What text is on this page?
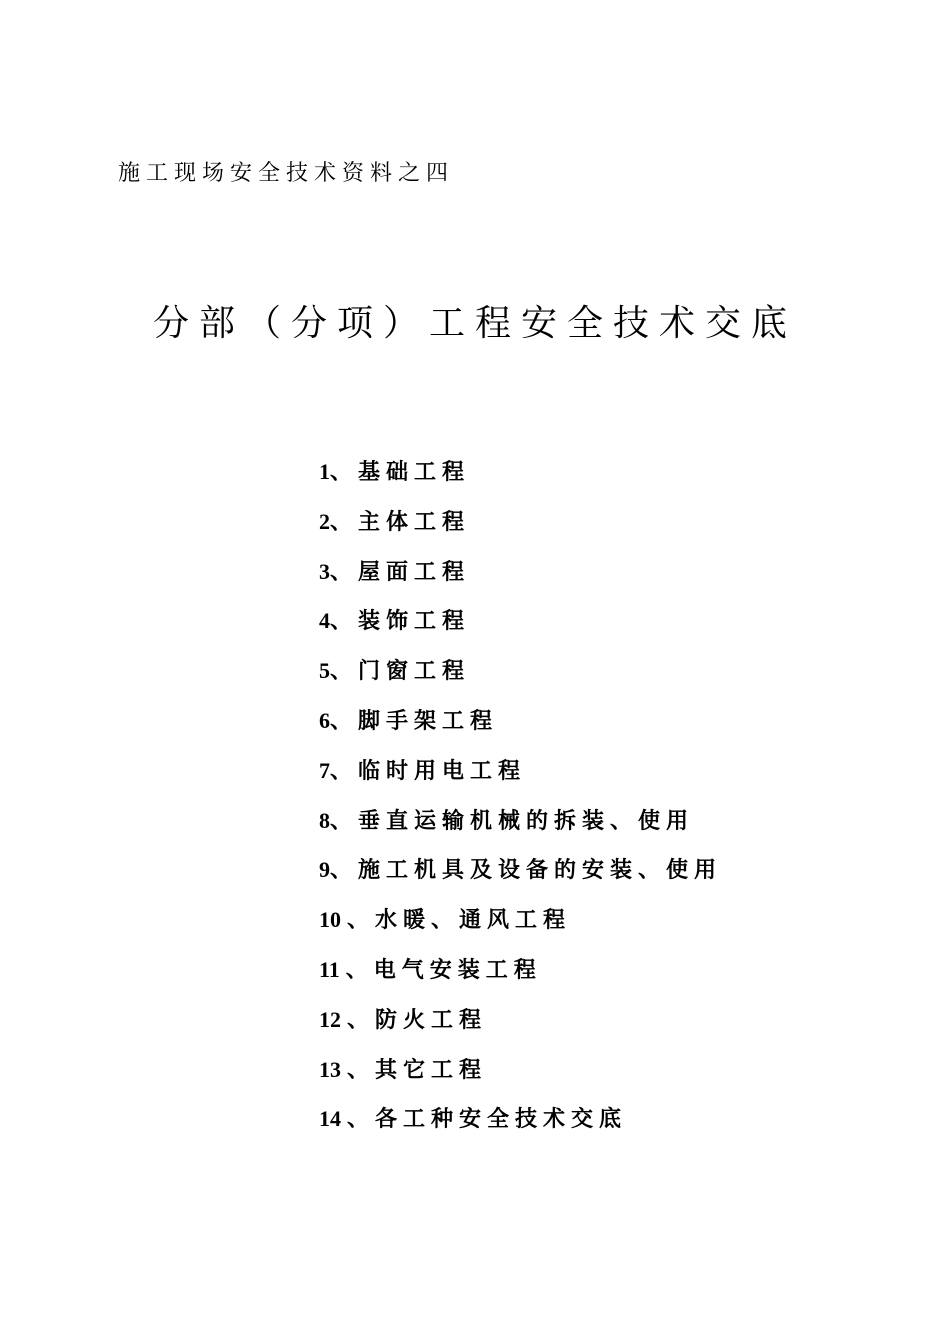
施工现场安全技术资料之四
分部（分项）工程安全技术交底
1、基础工程
2、主体工程
3、屋面工程
4、装饰工程
5、门窗工程
6、脚手架工程
7、临时用电工程
8、垂直运输机械的拆装、使用
9、施工机具及设备的安装、使用
10 、水暖、通风工程
11 、电气安装工程
12 、防火工程
13 、其它工程
14 、各工种安全技术交底
